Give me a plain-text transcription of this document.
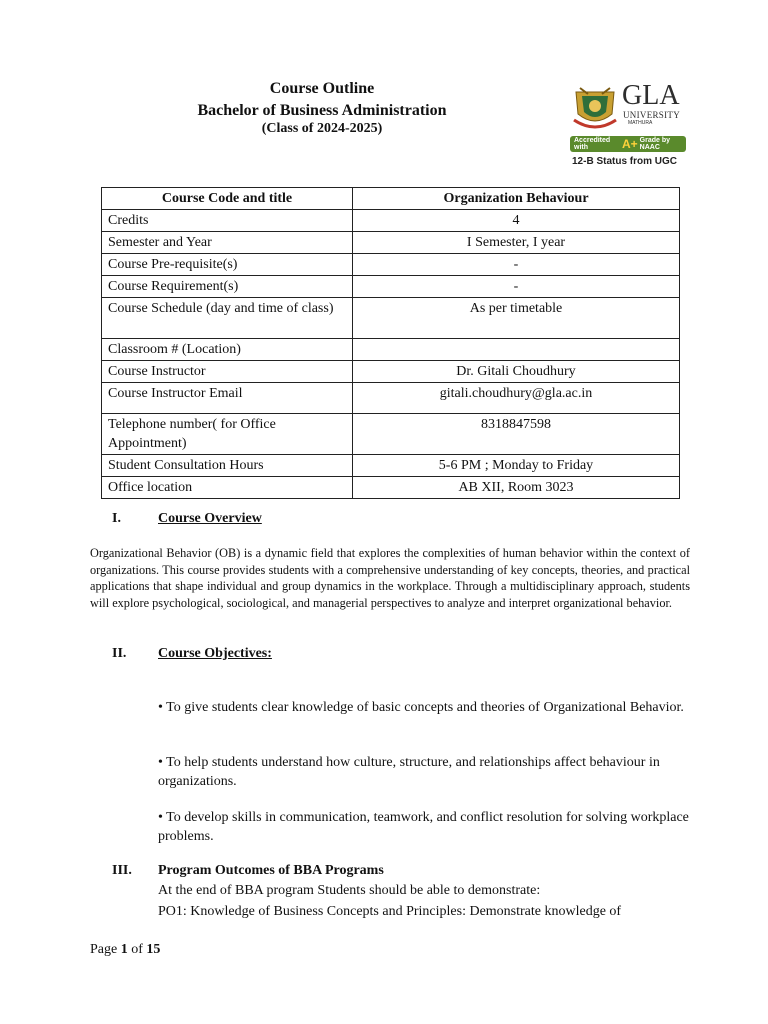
Course Outline
Bachelor of Business Administration
(Class of 2024-2025)
GLA
UNIVERSITY
MATHURA
Accredited with	A+ Grade by NAAC
12-B Status from UGC
Course Code and title	Organization Behaviour
Credits	4
Semester and Year	I Semester, I year
Course Pre-requisite(s)	-
Course Requirement(s)	-
Course Schedule (day and time of class)	As per timetable
Classroom # (Location)	
Course Instructor	Dr. Gitali Choudhury
Course Instructor Email	gitali.choudhury@gla.ac.in
Telephone number( for Office Appointment)	8318847598
Student Consultation Hours	5-6 PM ; Monday to Friday
Office location	AB XII, Room 3023
I.	Course Overview
Organizational Behavior (OB) is a dynamic field that explores the complexities of human behavior within the context of organizations. This course provides students with a comprehensive understanding of key concepts, theories, and practical applications that shape individual and group dynamics in the workplace. Through a multidisciplinary approach, students will explore psychological, sociological, and managerial perspectives to analyze and interpret organizational behavior.
II. Course Objectives:
• To give students clear knowledge of basic concepts and theories of Organizational Behavior.
• To help students understand how culture, structure, and relationships affect behaviour in organizations.
• To develop skills in communication, teamwork, and conflict resolution for solving workplace problems.
III. Program Outcomes of BBA Programs
At the end of BBA program Students should be able to demonstrate:
PO1: Knowledge of Business Concepts and Principles: Demonstrate knowledge of
Page 1 of 15
